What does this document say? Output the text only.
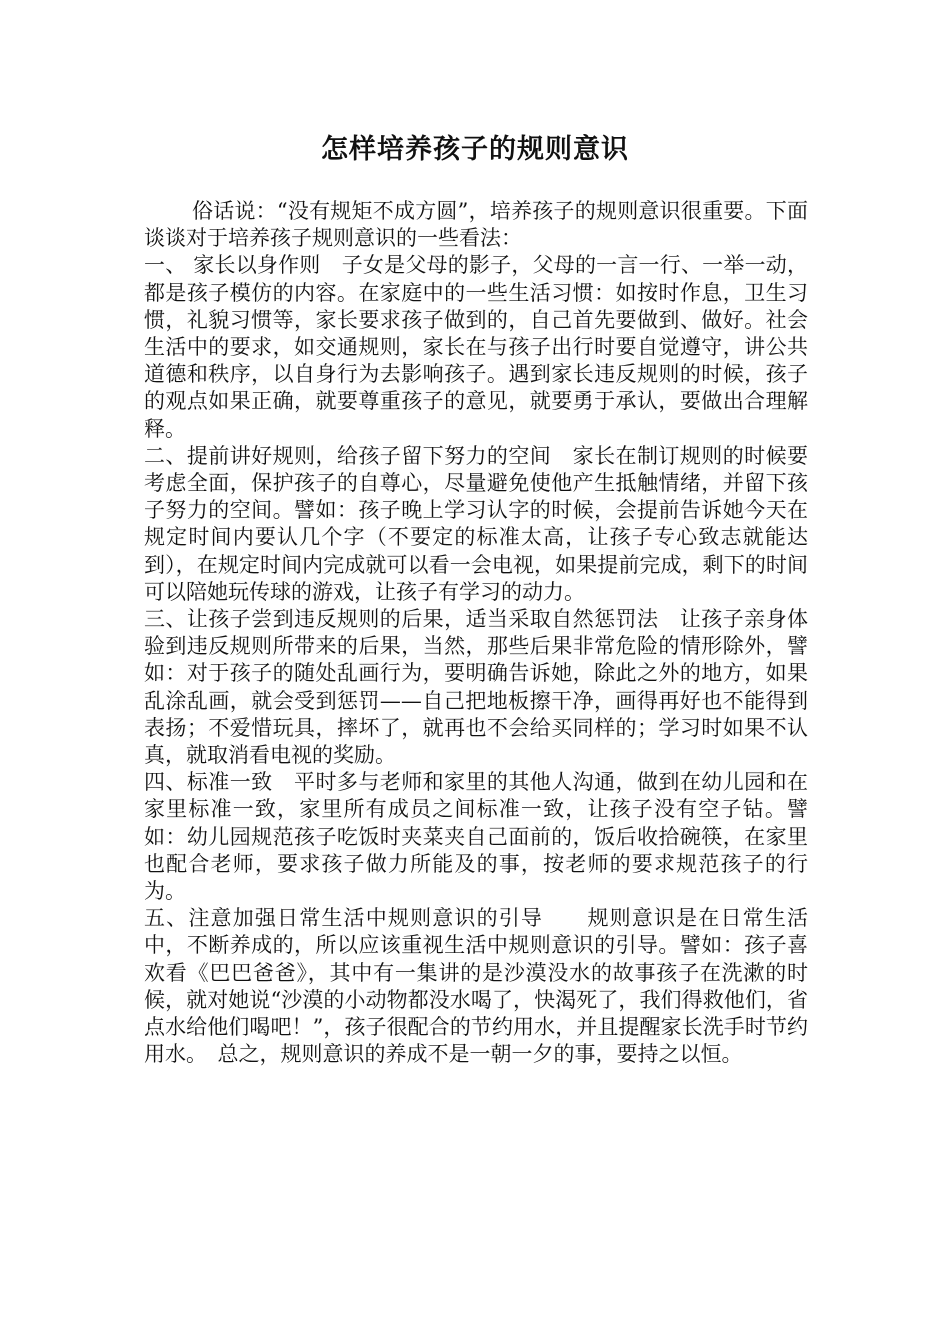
怎样培养孩子的规则意识

俗话说：“没有规矩不成方圆”，培养孩子的规则意识很重要。下面谈谈对于培养孩子规则意识的一些看法：

一、 家长以身作则　子女是父母的影子，父母的一言一行、一举一动，都是孩子模仿的内容。在家庭中的一些生活习惯：如按时作息，卫生习惯，礼貌习惯等，家长要求孩子做到的，自己首先要做到、做好。社会生活中的要求，如交通规则，家长在与孩子出行时要自觉遵守，讲公共道德和秩序，以自身行为去影响孩子。遇到家长违反规则的时候，孩子的观点如果正确，就要尊重孩子的意见，就要勇于承认，要做出合理解释。

二、提前讲好规则，给孩子留下努力的空间　家长在制订规则的时候要考虑全面，保护孩子的自尊心，尽量避免使他产生抵触情绪，并留下孩子努力的空间。譬如：孩子晚上学习认字的时候，会提前告诉她今天在规定时间内要认几个字（不要定的标准太高，让孩子专心致志就能达到），在规定时间内完成就可以看一会电视，如果提前完成，剩下的时间可以陪她玩传球的游戏，让孩子有学习的动力。

三、让孩子尝到违反规则的后果，适当采取自然惩罚法　让孩子亲身体验到违反规则所带来的后果，当然，那些后果非常危险的情形除外，譬如：对于孩子的随处乱画行为，要明确告诉她，除此之外的地方，如果乱涂乱画，就会受到惩罚——自己把地板擦干净，画得再好也不能得到表扬；不爱惜玩具，摔坏了，就再也不会给买同样的；学习时如果不认真，就取消看电视的奖励。

四、标准一致　平时多与老师和家里的其他人沟通，做到在幼儿园和在家里标准一致，家里所有成员之间标准一致，让孩子没有空子钻。譬如：幼儿园规范孩子吃饭时夹菜夹自己面前的，饭后收拾碗筷，在家里也配合老师，要求孩子做力所能及的事，按老师的要求规范孩子的行为。

五、注意加强日常生活中规则意识的引导　　规则意识是在日常生活中，不断养成的，所以应该重视生活中规则意识的引导。譬如：孩子喜欢看《巴巴爸爸》，其中有一集讲的是沙漠没水的故事孩子在洗漱的时候，就对她说“沙漠的小动物都没水喝了，快渴死了，我们得救他们，省点水给他们喝吧！”，孩子很配合的节约用水，并且提醒家长洗手时节约用水。　总之，规则意识的养成不是一朝一夕的事，要持之以恒。
